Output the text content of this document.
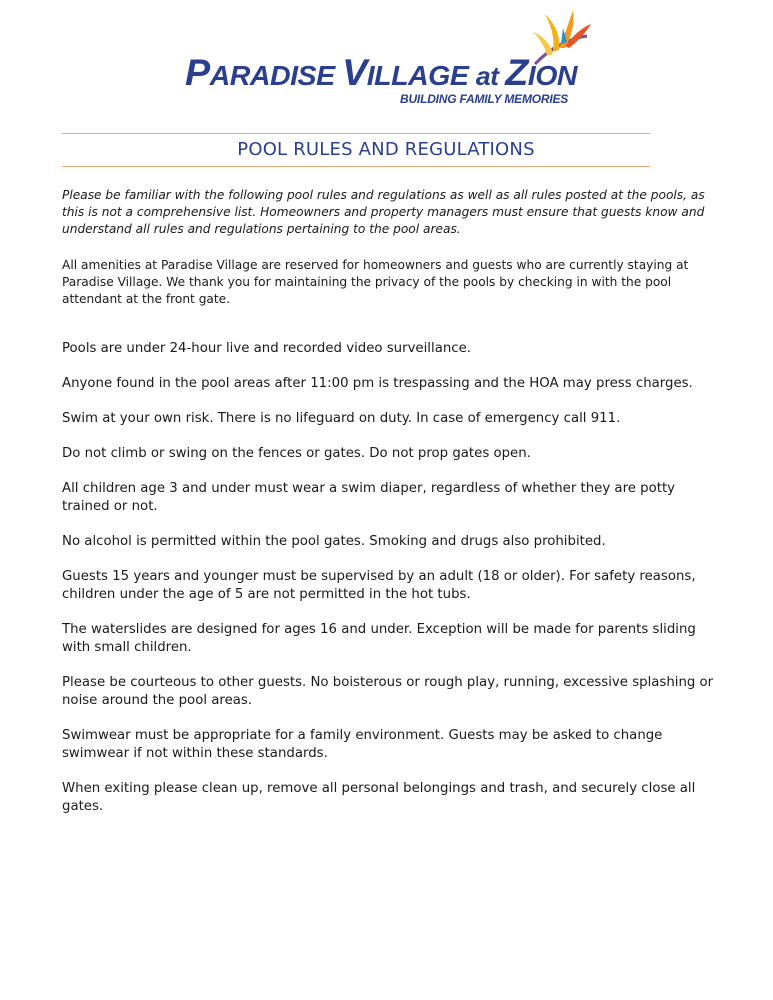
PARADISE VILLAGE at ZION
BUILDING FAMILY MEMORIES
POOL RULES AND REGULATIONS

Please be familiar with the following pool rules and regulations as well as all rules posted at the pools, as this is not a comprehensive list. Homeowners and property managers must ensure that guests know and understand all rules and regulations pertaining to the pool areas.

All amenities at Paradise Village are reserved for homeowners and guests who are currently staying at Paradise Village. We thank you for maintaining the privacy of the pools by checking in with the pool attendant at the front gate.

Pools are under 24-hour live and recorded video surveillance.
Anyone found in the pool areas after 11:00 pm is trespassing and the HOA may press charges.
Swim at your own risk. There is no lifeguard on duty. In case of emergency call 911.
Do not climb or swing on the fences or gates. Do not prop gates open.
All children age 3 and under must wear a swim diaper, regardless of whether they are potty trained or not.
No alcohol is permitted within the pool gates. Smoking and drugs also prohibited.
Guests 15 years and younger must be supervised by an adult (18 or older). For safety reasons, children under the age of 5 are not permitted in the hot tubs.
The waterslides are designed for ages 16 and under. Exception will be made for parents sliding with small children.
Please be courteous to other guests. No boisterous or rough play, running, excessive splashing or noise around the pool areas.
Swimwear must be appropriate for a family environment. Guests may be asked to change swimwear if not within these standards.
When exiting please clean up, remove all personal belongings and trash, and securely close all gates.
